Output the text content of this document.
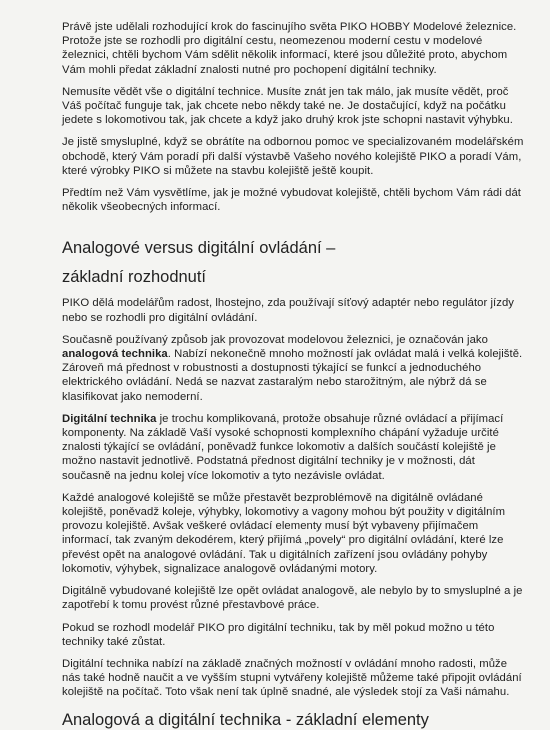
Právě jste udělali rozhodující krok do fascinujího světa PIKO HOBBY Modelové železnice. Protože jste se rozhodli pro digitální cestu, neomezenou moderní cestu v modelové železnici, chtěli bychom Vám sdělit několik informací, které jsou důležité proto, abychom Vám mohli předat základní znalosti nutné pro pochopení digitální techniky.

Nemusíte vědět vše o digitální technice. Musíte znát jen tak málo, jak musíte vědět, proč Váš počítač funguje tak, jak chcete nebo někdy také ne. Je dostačující, když na počátku jedete s lokomotivou tak, jak chcete a když jako druhý krok jste schopni nastavit výhybku.

Je jistě smysluplné, když se obrátíte na odbornou pomoc ve specializovaném modelářském obchodě, který Vám poradí při další výstavbě Vašeho nového kolejiště PIKO a poradí Vám, které výrobky PIKO si můžete na stavbu kolejiště ještě koupit.

Předtím než Vám vysvětlíme, jak je možné vybudovat kolejiště, chtěli bychom Vám rádi dát několik všeobecných informací.

Analogové versus digitální ovládání –
základní rozhodnutí

PIKO dělá modelářům radost, lhostejno, zda používají síťový adaptér nebo regulátor jízdy nebo se rozhodli pro digitální ovládání.

Současně používaný způsob jak provozovat modelovou železnici, je označován jako analogová technika. Nabízí nekonečně mnoho možností jak ovládat malá i velká kolejiště. Zároveň má přednost v robustnosti a dostupnosti týkající se funkcí a jednoduchého elektrického ovládání. Nedá se nazvat zastaralým nebo starožitným, ale nýbrž dá se klasifikovat jako nemoderní.

Digitální technika je trochu komplikovaná, protože obsahuje různé ovládací a přijímací komponenty. Na základě Vaší vysoké schopnosti komplexního chápání vyžaduje určité znalosti týkající se ovládání, poněvadž funkce lokomotiv a dalších součástí kolejiště je možno nastavit jednotlivě. Podstatná přednost digitální techniky je v možnosti, dát současně na jednu kolej více lokomotiv a tyto nezávisle ovládat.

Každé analogové kolejiště se může přestavět bezproblémově na digitálně ovládané kolejiště, poněvadž koleje, výhybky, lokomotivy a vagony mohou být použity v digitálním provozu kolejiště. Avšak veškeré ovládací elementy musí být vybaveny přijímačem informací, tak zvaným dekodérem, který přijímá „povely“ pro digitální ovládání, které lze převést opět na analogové ovládání. Tak u digitálních zařízení jsou ovládány pohyby lokomotiv, výhybek, signalizace analogově ovládanými motory.

Digitálně vybudované kolejiště lze opět ovládat analogově, ale nebylo by to smysluplné a je zapotřebí k tomu provést různé přestavbové práce.

Pokud se rozhodl modelář PIKO pro digitální techniku, tak by měl pokud možno u této techniky také zůstat.

Digitální technika nabízí na základě značných možností v ovládání mnoho radosti, může nás také hodně naučit a ve vyšším stupni vytvářeny kolejiště můžeme také připojit ovládání kolejiště na počítač. Toto však není tak úplně snadné, ale výsledek stojí za Vaši námahu.

Analogová a digitální technika - základní elementy
